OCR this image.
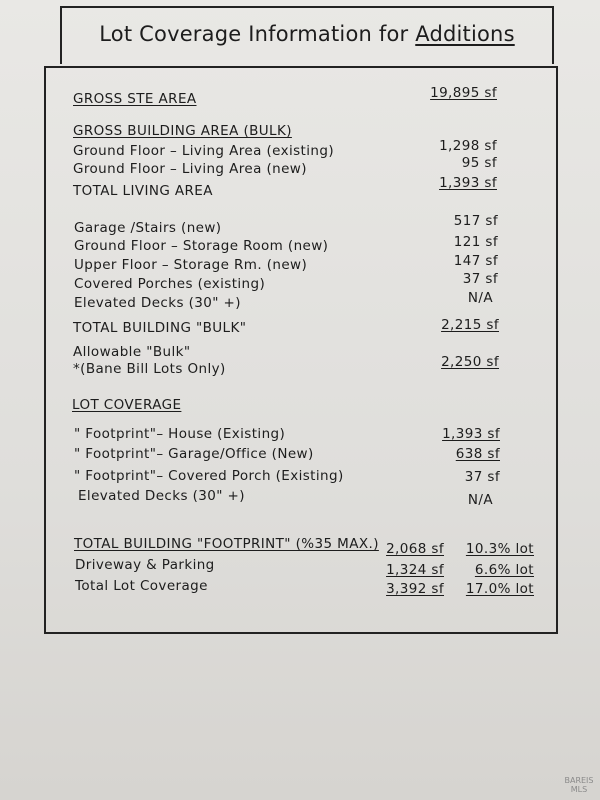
Lot Coverage Information for Additions
GROSS STE AREA	19,895 sf
GROSS BUILDING AREA (BULK)
Ground Floor – Living Area (existing)	1,298 sf
Ground Floor – Living Area (new)	95 sf
TOTAL LIVING AREA	1,393 sf
Garage /Stairs (new)	517 sf
Ground Floor – Storage Room (new)	121 sf
Upper Floor – Storage Rm. (new)	147 sf
Covered Porches (existing)	37 sf
Elevated Decks (30" +)	N/A
TOTAL BUILDING "BULK"	2,215 sf
Allowable "Bulk"
*(Bane Bill Lots Only)	2,250 sf
LOT COVERAGE
" Footprint"– House (Existing)	1,393 sf
" Footprint"– Garage/Office (New)	638 sf
" Footprint"– Covered Porch (Existing)	37 sf
Elevated Decks (30" +)	N/A
TOTAL BUILDING "FOOTPRINT" (%35 MAX.) 2,068 sf	10.3% lot
Driveway & Parking	1,324 sf	6.6% lot
Total Lot Coverage	3,392 sf	17.0% lot
BAREIS MLS
